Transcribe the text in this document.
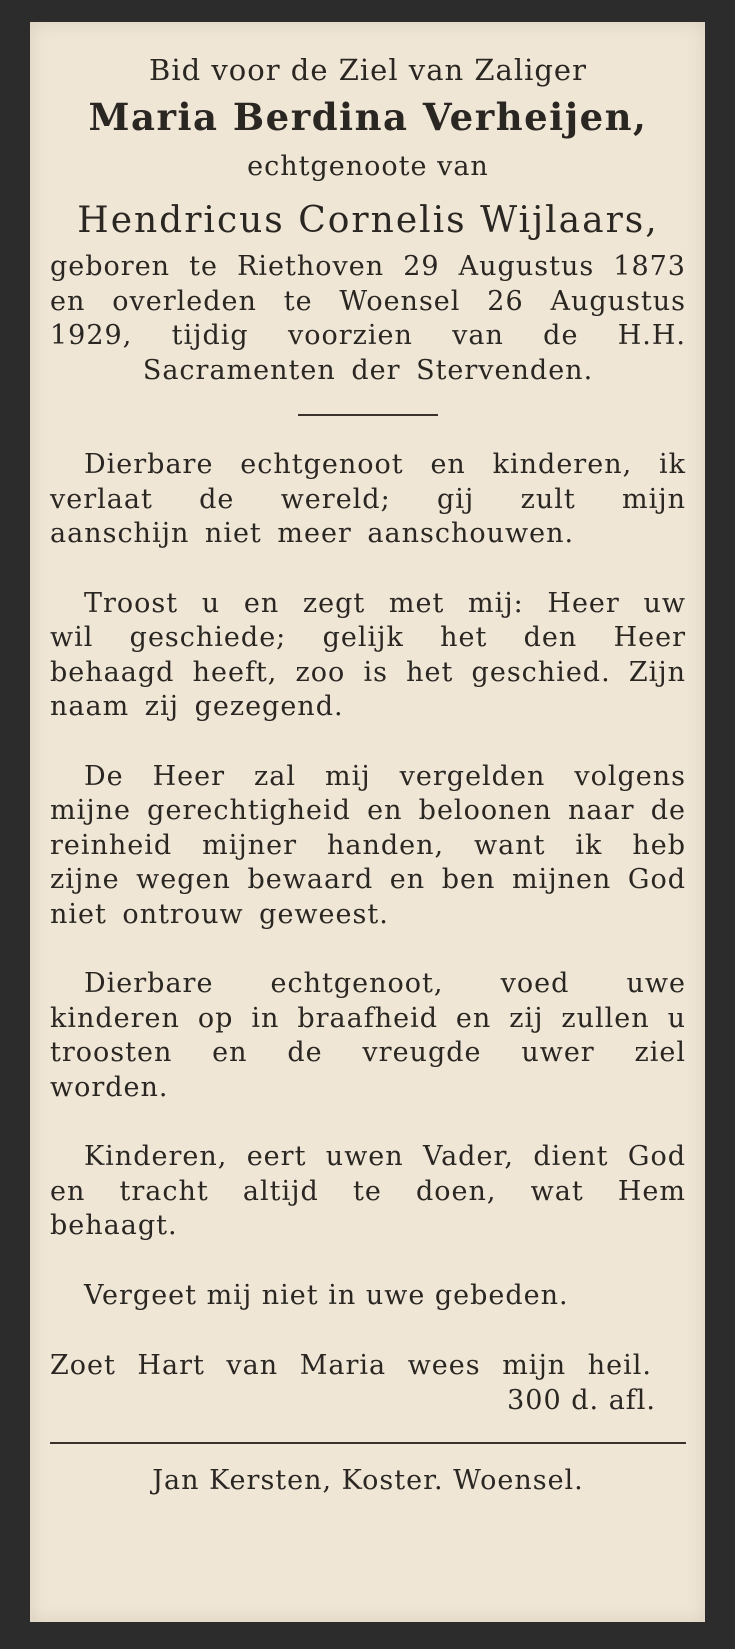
Bid voor de Ziel van Zaliger

Maria Berdina Verheijen,

echtgenoote van

Hendricus Cornelis Wijlaars,

geboren te Riethoven 29 Augustus 1873 en overleden te Woensel 26 Augustus 1929, tijdig voorzien van de H.H. Sacramenten der Stervenden.

Dierbare echtgenoot en kinderen, ik verlaat de wereld; gij zult mijn aanschijn niet meer aanschouwen.

Troost u en zegt met mij: Heer uw wil geschiede; gelijk het den Heer behaagd heeft, zoo is het geschied. Zijn naam zij gezegend.

De Heer zal mij vergelden volgens mijne gerechtigheid en beloonen naar de reinheid mijner handen, want ik heb zijne wegen bewaard en ben mijnen God niet ontrouw geweest.

Dierbare echtgenoot, voed uwe kinderen op in braafheid en zij zullen u troosten en de vreugde uwer ziel worden.

Kinderen, eert uwen Vader, dient God en tracht altijd te doen, wat Hem behaagt.

Vergeet mij niet in uwe gebeden.

Zoet Hart van Maria wees mijn heil.

300 d. afl.

Jan Kersten, Koster. Woensel.
